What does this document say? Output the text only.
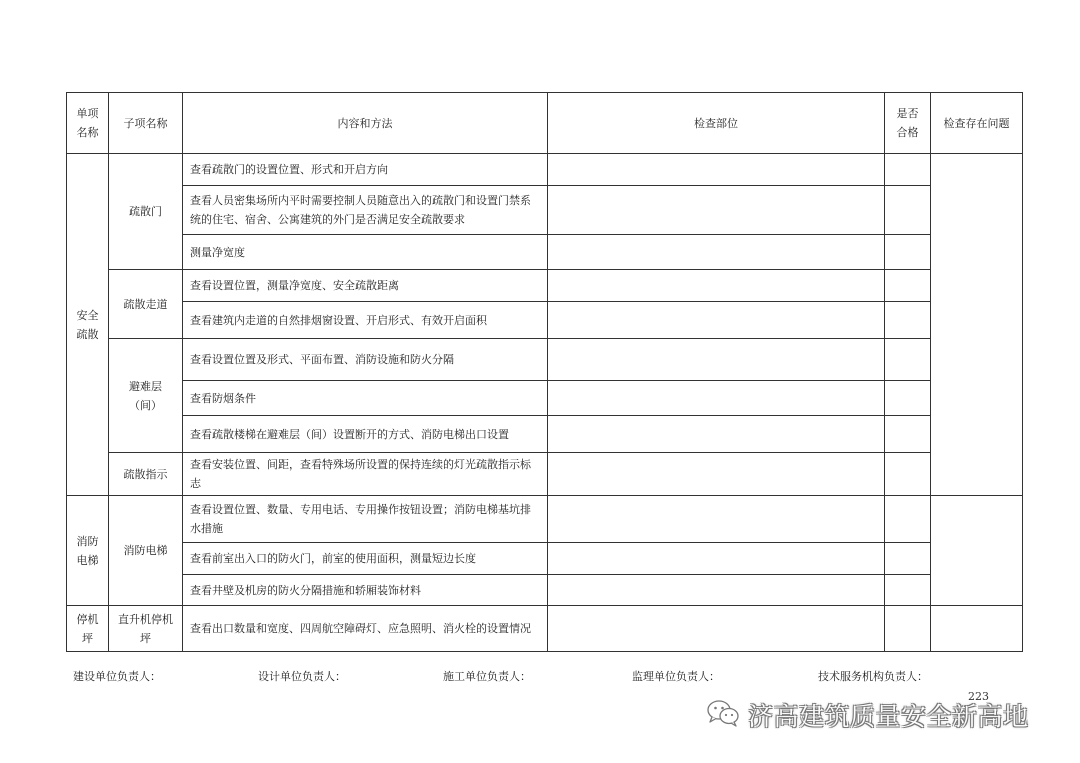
单项名称	子项名称	内容和方法	检查部位	是否合格	检查存在问题
安全疏散	疏散门	查看疏散门的设置位置、形式和开启方向			
		查看人员密集场所内平时需要控制人员随意出入的疏散门和设置门禁系统的住宅、宿舍、公寓建筑的外门是否满足安全疏散要求			
		测量净宽度			
	疏散走道	查看设置位置，测量净宽度、安全疏散距离			
		查看建筑内走道的自然排烟窗设置、开启形式、有效开启面积			
	避难层（间）	查看设置位置及形式、平面布置、消防设施和防火分隔			
		查看防烟条件			
		查看疏散楼梯在避难层（间）设置断开的方式、消防电梯出口设置			
	疏散指示	查看安装位置、间距，查看特殊场所设置的保持连续的灯光疏散指示标志			
消防电梯	消防电梯	查看设置位置、数量、专用电话、专用操作按钮设置；消防电梯基坑排水措施			
		查看前室出入口的防火门，前室的使用面积，测量短边长度			
		查看井壁及机房的防火分隔措施和轿厢装饰材料			
停机坪	直升机停机坪	查看出口数量和宽度、四周航空障碍灯、应急照明、消火栓的设置情况			
建设单位负责人：	设计单位负责人：	施工单位负责人：	监理单位负责人：	技术服务机构负责人：
223
济高建筑质量安全新高地
